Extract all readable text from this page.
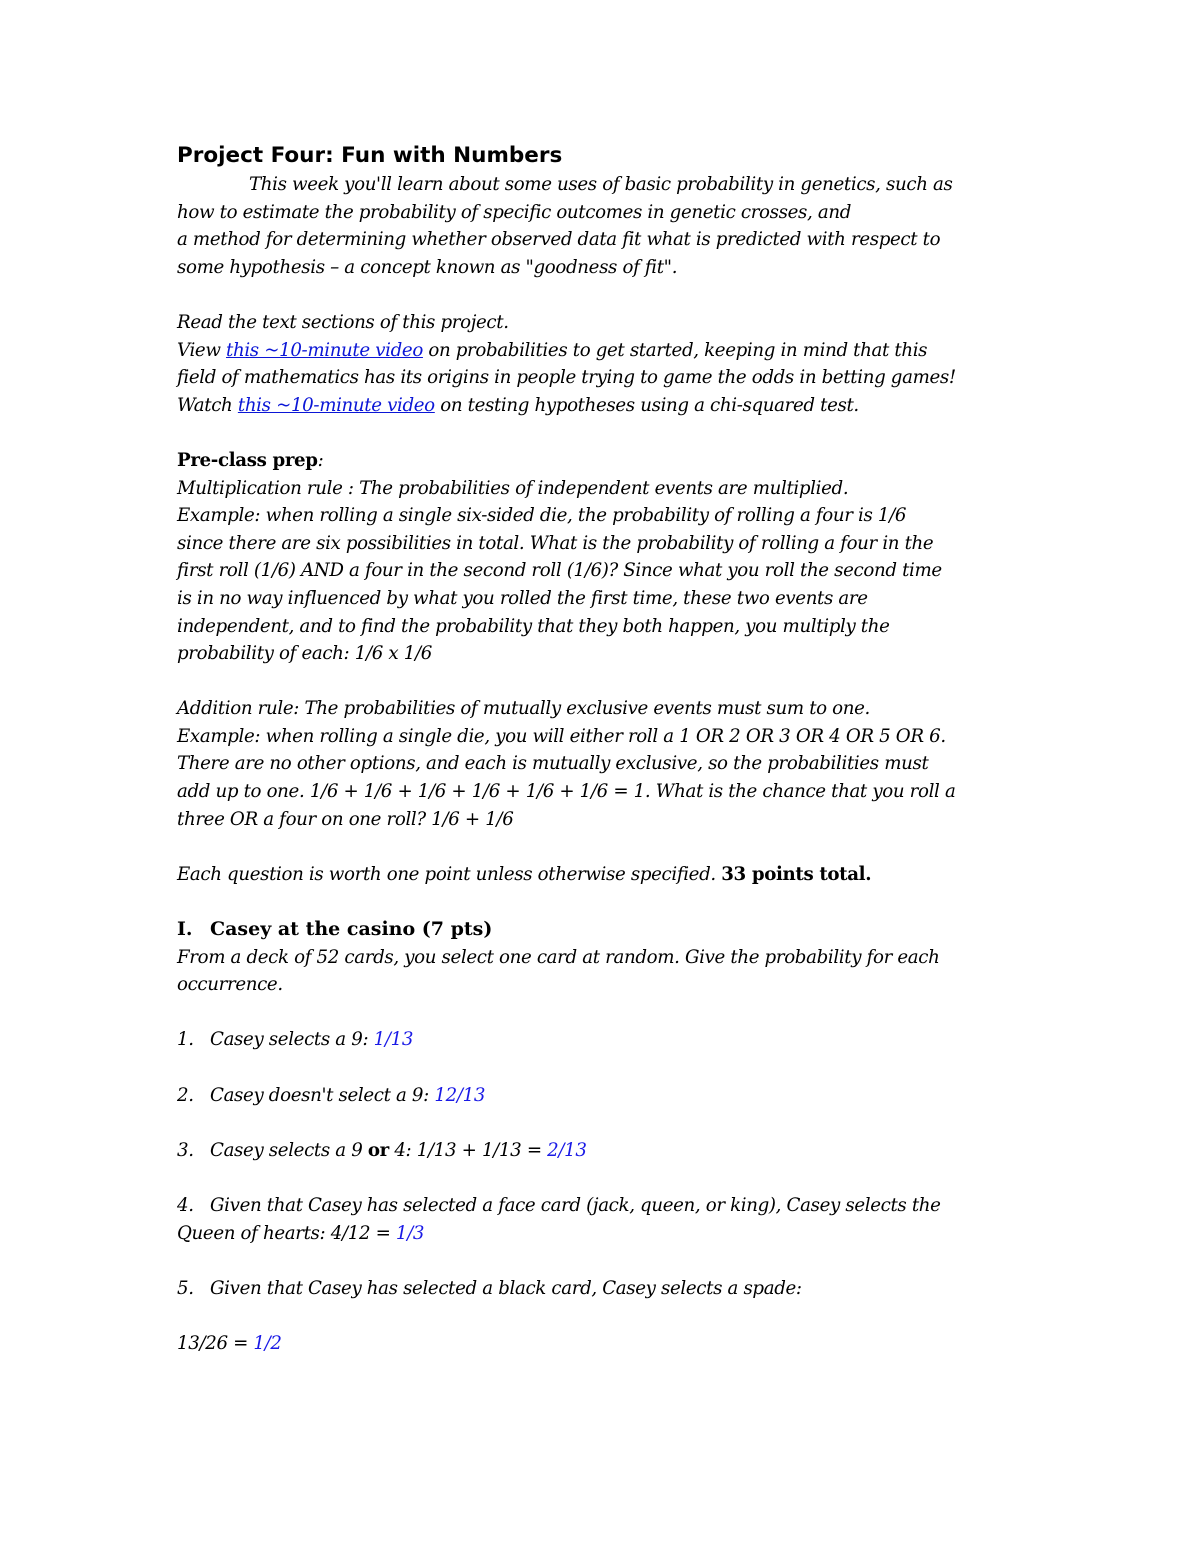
Project Four: Fun with Numbers

This week you'll learn about some uses of basic probability in genetics, such as

how to estimate the probability of specific outcomes in genetic crosses, and

a method for determining whether observed data fit what is predicted with respect to

some hypothesis – a concept known as "goodness of fit".

Read the text sections of this project.

View this ~10-minute video on probabilities to get started, keeping in mind that this

field of mathematics has its origins in people trying to game the odds in betting games!

Watch this ~10-minute video on testing hypotheses using a chi-squared test.

Pre-class prep:

Multiplication rule : The probabilities of independent events are multiplied.

Example: when rolling a single six-sided die, the probability of rolling a four is 1/6

since there are six possibilities in total. What is the probability of rolling a four in the

first roll (1/6) AND a four in the second roll (1/6)? Since what you roll the second time

is in no way influenced by what you rolled the first time, these two events are

independent, and to find the probability that they both happen, you multiply the

probability of each: 1/6 x 1/6

Addition rule: The probabilities of mutually exclusive events must sum to one.

Example: when rolling a single die, you will either roll a 1 OR 2 OR 3 OR 4 OR 5 OR 6.

There are no other options, and each is mutually exclusive, so the probabilities must

add up to one. 1/6 + 1/6 + 1/6 + 1/6 + 1/6 + 1/6 = 1. What is the chance that you roll a

three OR a four on one roll? 1/6 + 1/6

Each question is worth one point unless otherwise specified. 33 points total.

I. Casey at the casino (7 pts)

From a deck of 52 cards, you select one card at random. Give the probability for each

occurrence.

1. Casey selects a 9: 1/13

2. Casey doesn't select a 9: 12/13

3. Casey selects a 9 or 4: 1/13 + 1/13 = 2/13

4. Given that Casey has selected a face card (jack, queen, or king), Casey selects the

Queen of hearts: 4/12 = 1/3

5. Given that Casey has selected a black card, Casey selects a spade:

13/26 = 1/2
